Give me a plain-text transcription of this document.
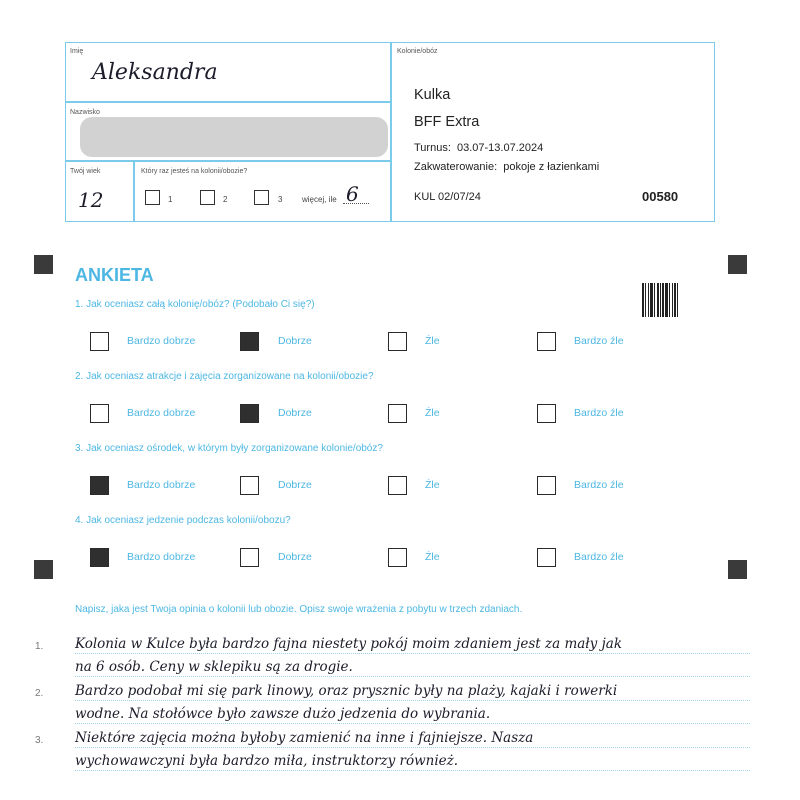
Imię
Aleksandra
Nazwisko
Twój wiek
12
Który raz jesteś na kolonii/obozie?
1	2	3 więcej, ile 6
Kolonie/obóz
Kulka
BFF Extra
Turnus:  03.07-13.07.2024
Zakwaterowanie:  pokoje z łazienkami
KUL 02/07/24	00580
ANKIETA
1. Jak oceniasz całą kolonię/obóz? (Podobało Ci się?)
Bardzo dobrze	Dobrze	Źle	Bardzo źle
2. Jak oceniasz atrakcje i zajęcia zorganizowane na kolonii/obozie?
Bardzo dobrze	Dobrze	Źle	Bardzo źle
3. Jak oceniasz ośrodek, w którym były zorganizowane kolonie/obóz?
Bardzo dobrze	Dobrze	Źle	Bardzo źle
4. Jak oceniasz jedzenie podczas kolonii/obozu?
Bardzo dobrze	Dobrze	Źle	Bardzo źle
Napisz, jaka jest Twoja opinia o kolonii lub obozie. Opisz swoje wrażenia z pobytu w trzech zdaniach.
1.
2.
3.
Kolonia w Kulce była bardzo fajna niestety pokój moim zdaniem jest za mały jak
na 6 osób. Ceny w sklepiku są za drogie.
Bardzo podobał mi się park linowy, oraz prysznic były na plaży, kajaki i rowerki
wodne. Na stołówce było zawsze dużo jedzenia do wybrania.
Niektóre zajęcia można byłoby zamienić na inne i fajniejsze. Nasza
wychowawczyni była bardzo miła, instruktorzy również.
